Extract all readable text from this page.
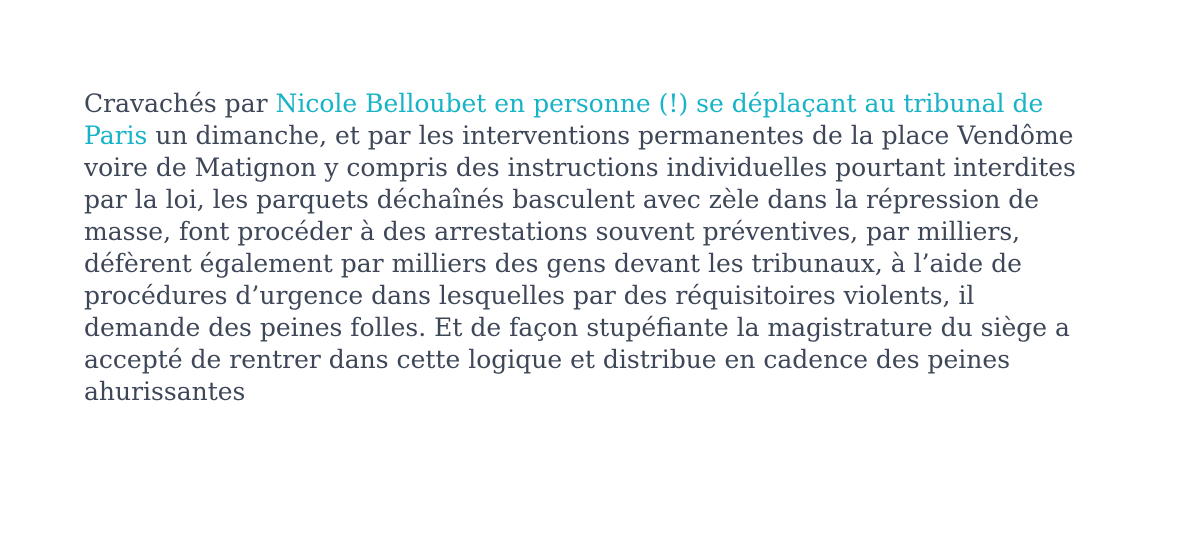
Cravachés par Nicole Belloubet en personne (!) se déplaçant au tribunal de
Paris un dimanche, et par les interventions permanentes de la place Vendôme
voire de Matignon y compris des instructions individuelles pourtant interdites
par la loi, les parquets déchaînés basculent avec zèle dans la répression de
masse, font procéder à des arrestations souvent préventives, par milliers,
défèrent également par milliers des gens devant les tribunaux, à l’aide de
procédures d’urgence dans lesquelles par des réquisitoires violents, il
demande des peines folles. Et de façon stupéfiante la magistrature du siège a
accepté de rentrer dans cette logique et distribue en cadence des peines
ahurissantes
